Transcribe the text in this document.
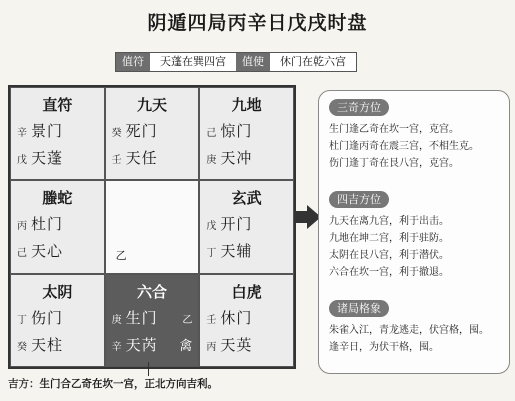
阴遁四局丙辛日戊戌时盘
值符	天蓬在巽四宫	值使	休门在乾六宫
直符
辛 景门
戊 天蓬
九天
癸 死门
壬 天任
九地
己 惊门
庚 天冲
螣蛇
丙 杜门
己 天心	乙
玄武
戊 开门
丁 天辅
太阴
丁 伤门
癸 天柱
六合
庚 生门 乙
辛 天芮 禽
白虎
壬 休门
丙 天英
三奇方位
生门逢乙奇在坎一宫，克宫。
杜门逢丙奇在震三宫，不相生克。
伤门逢丁奇在艮八宫，克宫。
四吉方位
九天在离九宫，利于出击。
九地在坤二宫，利于驻防。
太阴在艮八宫，利于潜伏。
六合在坎一宫，利于撤退。
诸局格象
朱雀入江，青龙逃走，伏宫格，囤。
逢辛日，为伏干格，囤。
吉方：生门合乙奇在坎一宫，正北方向吉利。
